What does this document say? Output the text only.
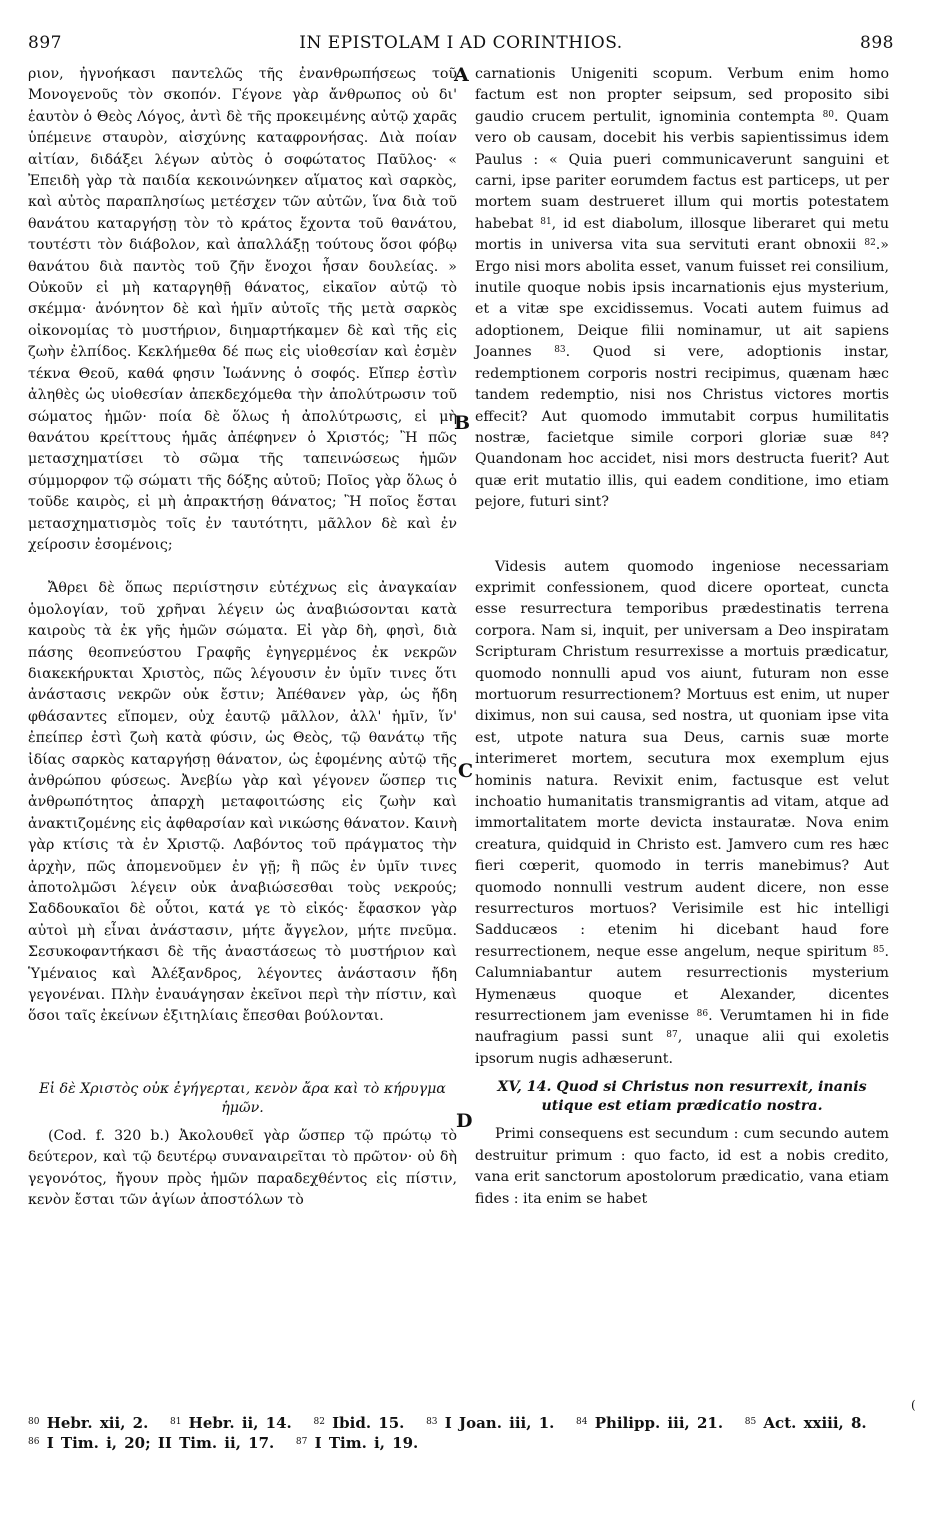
897	IN EPISTOLAM I AD CORINTHIOS.	898
A
B
C
D

ριον, ἠγνοήκασι παντελῶς τῆς ἐνανθρωπήσεως τοῦ Μονογενοῦς τὸν σκοπόν. Γέγονε γὰρ ἄνθρωπος οὐ δι' ἑαυτὸν ὁ Θεὸς Λόγος, ἀντὶ δὲ τῆς προκειμένης αὐτῷ χαρᾶς ὑπέμεινε σταυρὸν, αἰσχύνης καταφρονήσας. Διὰ ποίαν αἰτίαν, διδάξει λέγων αὐτὸς ὁ σοφώτατος Παῦλος· « Ἐπειδὴ γὰρ τὰ παιδία κεκοινώνηκεν αἵματος καὶ σαρκὸς, καὶ αὐτὸς παραπλησίως μετέσχεν τῶν αὐτῶν, ἵνα διὰ τοῦ θανάτου καταργήσῃ τὸν τὸ κράτος ἔχοντα τοῦ θανάτου, τουτέστι τὸν διάβολον, καὶ ἀπαλλάξῃ τούτους ὅσοι φόβῳ θανάτου διὰ παντὸς τοῦ ζῆν ἔνοχοι ἦσαν δουλείας. » Οὐκοῦν εἰ μὴ καταργηθῇ θάνατος, εἰκαῖον αὐτῷ τὸ σκέμμα· ἀνόνητον δὲ καὶ ἡμῖν αὐτοῖς τῆς μετὰ σαρκὸς οἰκονομίας τὸ μυστήριον, διημαρτήκαμεν δὲ καὶ τῆς εἰς ζωὴν ἐλπίδος. Κεκλήμεθα δέ πως εἰς υἱοθεσίαν καὶ ἐσμὲν τέκνα Θεοῦ, καθά φησιν Ἰωάννης ὁ σοφός. Εἴπερ ἐστὶν ἀληθὲς ὡς υἱοθεσίαν ἀπεκδεχόμεθα τὴν ἀπολύτρωσιν τοῦ σώματος ἡμῶν· ποία δὲ ὅλως ἡ ἀπολύτρωσις, εἰ μὴ θανάτου κρείττους ἡμᾶς ἀπέφηνεν ὁ Χριστός; Ἢ πῶς μετασχηματίσει τὸ σῶμα τῆς ταπεινώσεως ἡμῶν σύμμορφον τῷ σώματι τῆς δόξης αὐτοῦ; Ποῖος γὰρ ὅλως ὁ τοῦδε καιρὸς, εἰ μὴ ἀπρακτήσῃ θάνατος; Ἢ ποῖος ἔσται μετασχηματισμὸς τοῖς ἐν ταυτότητι, μᾶλλον δὲ καὶ ἐν χείροσιν ἐσομένοις;

Ἄθρει δὲ ὅπως περιίστησιν εὐτέχνως εἰς ἀναγκαίαν ὁμολογίαν, τοῦ χρῆναι λέγειν ὡς ἀναβιώσονται κατὰ καιροὺς τὰ ἐκ γῆς ἡμῶν σώματα. Εἰ γὰρ δὴ, φησὶ, διὰ πάσης θεοπνεύστου Γραφῆς ἐγηγερμένος ἐκ νεκρῶν διακεκήρυκται Χριστὸς, πῶς λέγουσιν ἐν ὑμῖν τινες ὅτι ἀνάστασις νεκρῶν οὐκ ἔστιν; Ἀπέθανεν γὰρ, ὡς ἤδη φθάσαντες εἴπομεν, οὐχ ἑαυτῷ μᾶλλον, ἀλλ' ἡμῖν, ἵν' ἐπείπερ ἐστὶ ζωὴ κατὰ φύσιν, ὡς Θεὸς, τῷ θανάτῳ τῆς ἰδίας σαρκὸς καταργήσῃ θάνατον, ὡς ἑφομένης αὐτῷ τῆς ἀνθρώπου φύσεως. Ἀνεβίω γὰρ καὶ γέγονεν ὥσπερ τις ἀνθρωπότητος ἀπαρχὴ μεταφοιτώσης εἰς ζωὴν καὶ ἀνακτιζομένης εἰς ἀφθαρσίαν καὶ νικώσης θάνατον. Καινὴ γὰρ κτίσις τὰ ἐν Χριστῷ. Λαβόντος τοῦ πράγματος τὴν ἀρχὴν, πῶς ἀπομενοῦμεν ἐν γῇ; ἢ πῶς ἐν ὑμῖν τινες ἀποτολμῶσι λέγειν οὐκ ἀναβιώσεσθαι τοὺς νεκρούς; Σαδδουκαῖοι δὲ οὗτοι, κατά γε τὸ εἰκός· ἔφασκον γὰρ αὐτοὶ μὴ εἶναι ἀνάστασιν, μήτε ἄγγελον, μήτε πνεῦμα. Σεσυκοφαντήκασι δὲ τῆς ἀναστάσεως τὸ μυστήριον καὶ Ὑμέναιος καὶ Ἀλέξανδρος, λέγοντες ἀνάστασιν ἤδη γεγονέναι. Πλὴν ἐναυάγησαν ἐκεῖνοι περὶ τὴν πίστιν, καὶ ὅσοι ταῖς ἐκείνων ἐξιτηλίαις ἔπεσθαι βούλονται.

Εἰ δὲ Χριστὸς οὐκ ἐγήγερται, κενὸν ἄρα καὶ τὸ κήρυγμα ἡμῶν.

(Cod. f. 320 b.) Ἀκολουθεῖ γὰρ ὥσπερ τῷ πρώτῳ τὸ δεύτερον, καὶ τῷ δευτέρῳ συναναιρεῖται τὸ πρῶτον· οὐ δὴ γεγονότος, ἤγουν πρὸς ἡμῶν παραδεχθέντος εἰς πίστιν, κενὸν ἔσται τῶν ἁγίων ἀποστόλων τὸ

carnationis Unigeniti scopum. Verbum enim homo factum est non propter seipsum, sed proposito sibi gaudio crucem pertulit, ignominia contempta $^{80}$. Quam vero ob causam, docebit his verbis sapientissimus idem Paulus : « Quia pueri communicaverunt sanguini et carni, ipse pariter eorumdem factus est particeps, ut per mortem suam destrueret illum qui mortis potestatem habebat $^{81}$, id est diabolum, illosque liberaret qui metu mortis in universa vita sua servituti erant obnoxii $^{82}$.» Ergo nisi mors abolita esset, vanum fuisset rei consilium, inutile quoque nobis ipsis incarnationis ejus mysterium, et a vitæ spe excidissemus. Vocati autem fuimus ad adoptionem, Deique filii nominamur, ut ait sapiens Joannes $^{83}$. Quod si vere, adoptionis instar, redemptionem corporis nostri recipimus, quænam hæc tandem redemptio, nisi nos Christus victores mortis effecit? Aut quomodo immutabit corpus humilitatis nostræ, facietque simile corpori gloriæ suæ $^{84}$? Quandonam hoc accidet, nisi mors destructa fuerit? Aut quæ erit mutatio illis, qui eadem conditione, imo etiam pejore, futuri sint?

Videsis autem quomodo ingeniose necessariam exprimit confessionem, quod dicere oporteat, cuncta esse resurrectura temporibus prædestinatis terrena corpora. Nam si, inquit, per universam a Deo inspiratam Scripturam Christum resurrexisse a mortuis prædicatur, quomodo nonnulli apud vos aiunt, futuram non esse mortuorum resurrectionem? Mortuus est enim, ut nuper diximus, non sui causa, sed nostra, ut quoniam ipse vita est, utpote natura sua Deus, carnis suæ morte interimeret mortem, secutura mox exemplum ejus hominis natura. Revixit enim, factusque est velut inchoatio humanitatis transmigrantis ad vitam, atque ad immortalitatem morte devicta instauratæ. Nova enim creatura, quidquid in Christo est. Jamvero cum res hæc fieri cœperit, quomodo in terris manebimus? Aut quomodo nonnulli vestrum audent dicere, non esse resurrecturos mortuos? Verisimile est hic intelligi Sadducæos : etenim hi dicebant haud fore resurrectionem, neque esse angelum, neque spiritum $^{85}$. Calumniabantur autem resurrectionis mysterium Hymenæus quoque et Alexander, dicentes resurrectionem jam evenisse $^{86}$. Verumtamen hi in fide naufragium passi sunt $^{87}$, unaque alii qui exoletis ipsorum nugis adhæserunt.

XV, 14. Quod si Christus non resurrexit, inanis utique est etiam prædicatio nostra.

Primi consequens est secundum : cum secundo autem destruitur primum : quo facto, id est a nobis credito, vana erit sanctorum apostolorum prædicatio, vana etiam fides : ita enim se habet

(
$^{80}$ Hebr. xii, 2. $^{81}$ Hebr. ii, 14. $^{82}$ Ibid. 15. $^{83}$ I Joan. iii, 1. $^{84}$ Philipp. iii, 21. $^{85}$ Act. xxiii, 8.
$^{86}$ I Tim. i, 20; II Tim. ii, 17. $^{87}$ I Tim. i, 19.
